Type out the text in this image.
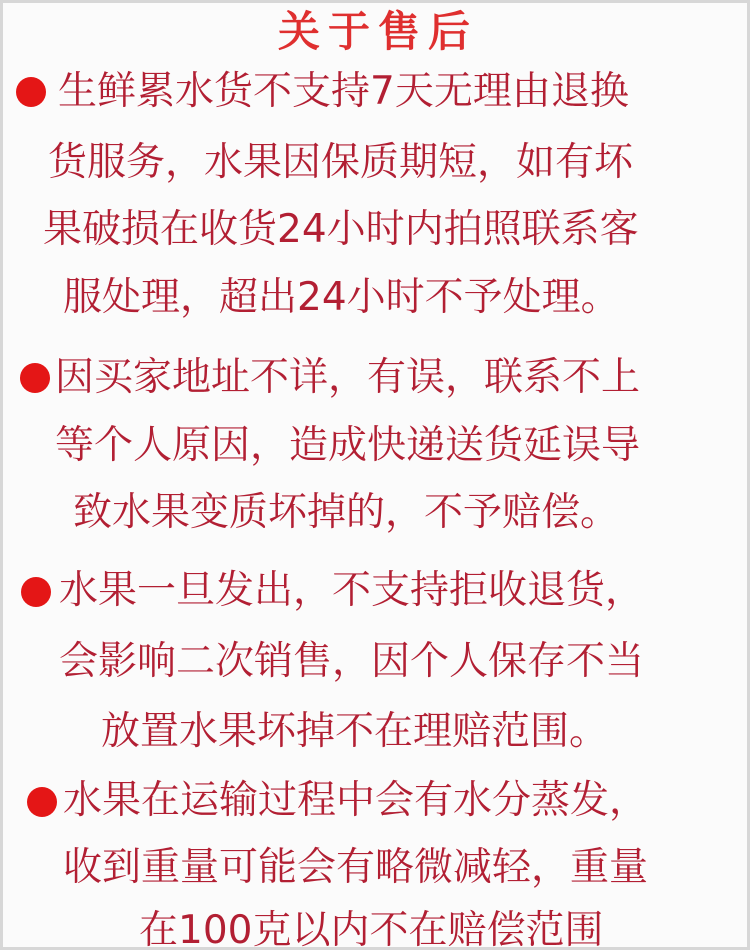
关于售后
生鲜累水货不支持7天无理由退换
货服务，水果因保质期短，如有坏
果破损在收货24小时内拍照联系客
服处理，超出24小时不予处理。
因买家地址不详，有误，联系不上
等个人原因，造成快递送货延误导
致水果变质坏掉的，不予赔偿。
水果一旦发出，不支持拒收退货，
会影响二次销售，因个人保存不当
放置水果坏掉不在理赔范围。
水果在运输过程中会有水分蒸发，
收到重量可能会有略微减轻，重量
在100克以内不在赔偿范围
